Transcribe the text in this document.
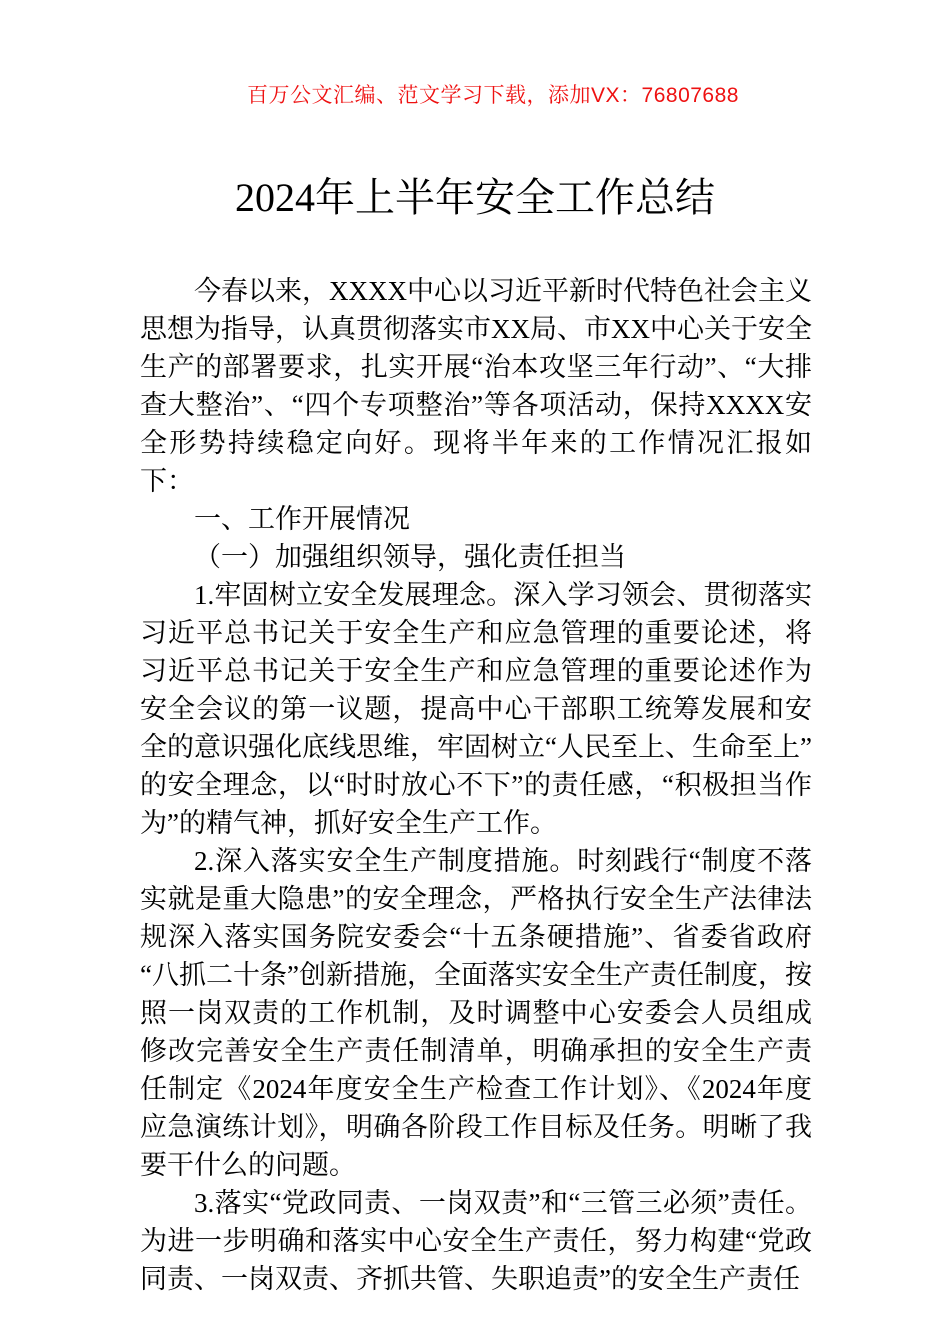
百万公文汇编、范文学习下载，添加VX：76807688
2024年上半年安全工作总结

今春以来，XXXX中心以习近平新时代特色社会主义思想为指导，认真贯彻落实市XX局、市XX中心关于安全生产的部署要求，扎实开展“治本攻坚三年行动”、“大排查大整治”、“四个专项整治”等各项活动，保持XXXX安全形势持续稳定向好。现将半年来的工作情况汇报如下：

一、工作开展情况

（一）加强组织领导，强化责任担当

1.牢固树立安全发展理念。深入学习领会、贯彻落实习近平总书记关于安全生产和应急管理的重要论述，将习近平总书记关于安全生产和应急管理的重要论述作为安全会议的第一议题，提高中心干部职工统筹发展和安全的意识强化底线思维，牢固树立“人民至上、生命至上”的安全理念，以“时时放心不下”的责任感，“积极担当作为”的精气神，抓好安全生产工作。

2.深入落实安全生产制度措施。时刻践行“制度不落实就是重大隐患”的安全理念，严格执行安全生产法律法规深入落实国务院安委会“十五条硬措施”、省委省政府“八抓二十条”创新措施，全面落实安全生产责任制度，按照一岗双责的工作机制，及时调整中心安委会人员组成修改完善安全生产责任制清单，明确承担的安全生产责任制定《2024年度安全生产检查工作计划》、《2024年度应急演练计划》，明确各阶段工作目标及任务。明晰了我要干什么的问题。

3.落实“党政同责、一岗双责”和“三管三必须”责任。为进一步明确和落实中心安全生产责任，努力构建“党政同责、一岗双责、齐抓共管、失职追责”的安全生产责任
